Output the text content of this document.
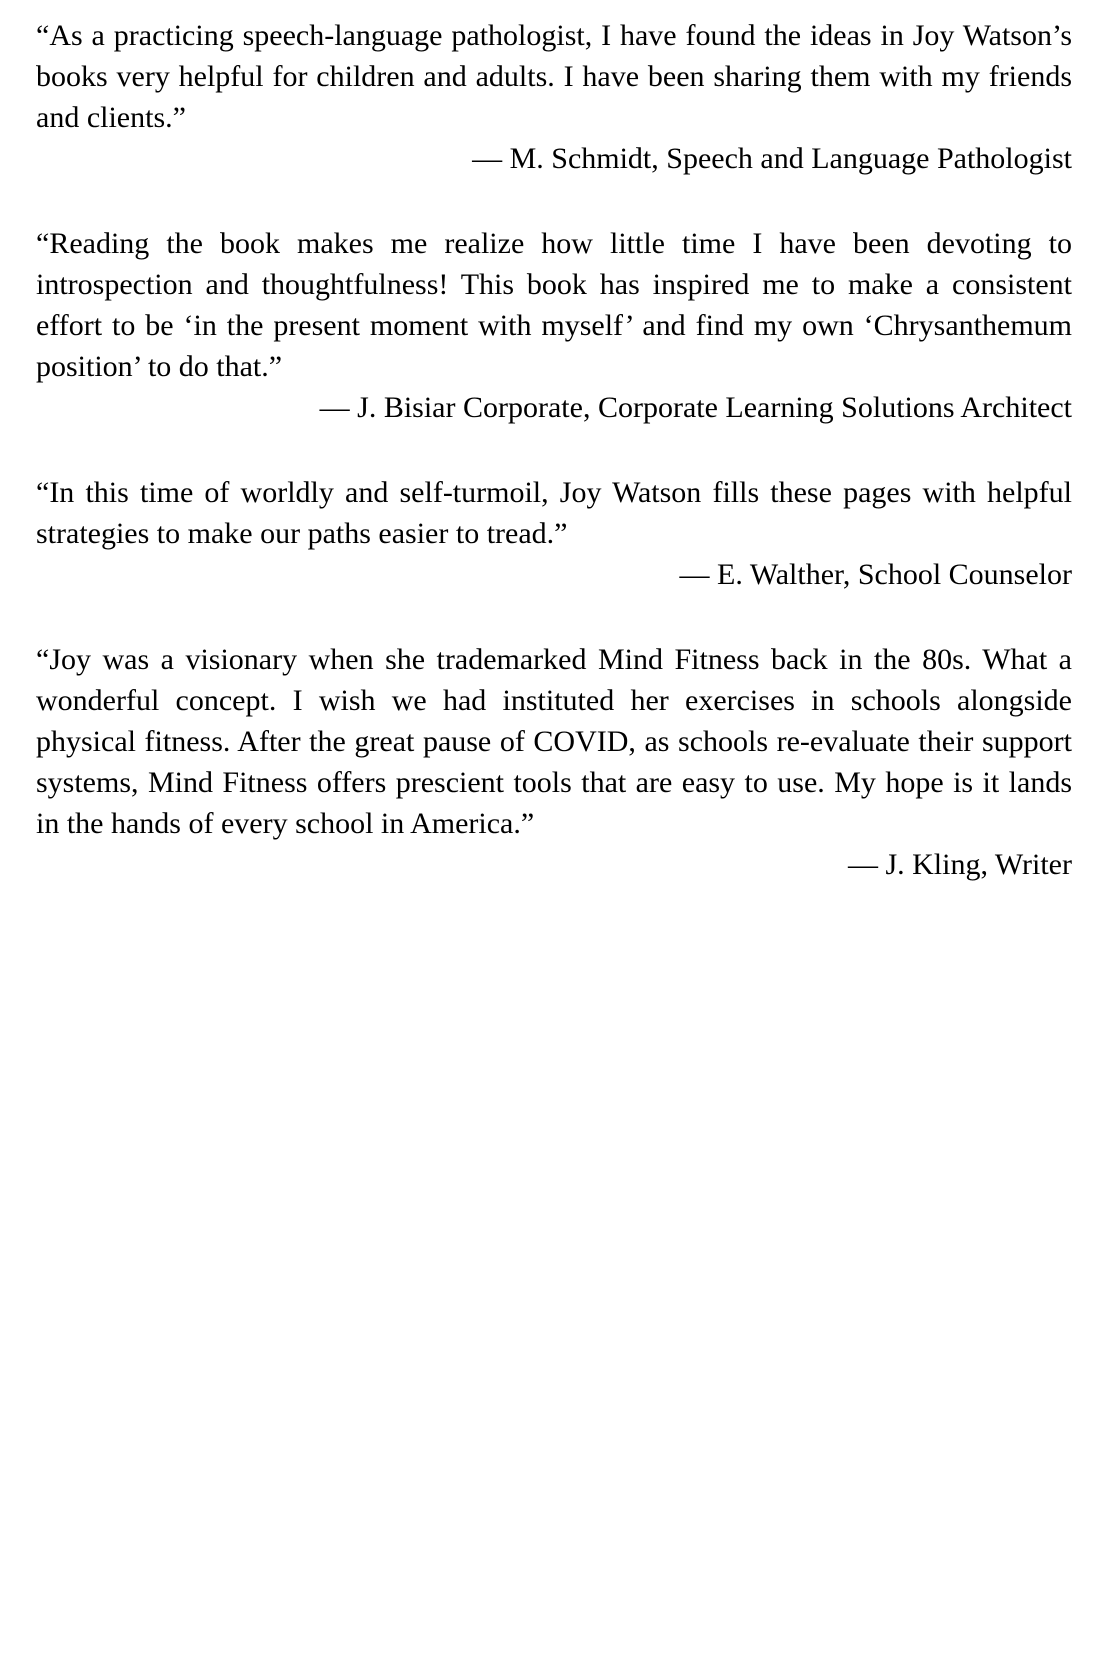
“As a practicing speech-language pathologist, I have found the ideas in Joy Watson’s books very helpful for children and adults. I have been sharing them with my friends and clients.”

— M. Schmidt, Speech and Language Pathologist

“Reading the book makes me realize how little time I have been devoting to introspection and thoughtfulness! This book has inspired me to make a consistent effort to be ‘in the present moment with myself’ and find my own ‘Chrysanthemum position’ to do that.”

— J. Bisiar Corporate, Corporate Learning Solutions Architect

“In this time of worldly and self-turmoil, Joy Watson fills these pages with helpful strategies to make our paths easier to tread.”

— E. Walther, School Counselor

“Joy was a visionary when she trademarked Mind Fitness back in the 80s. What a wonderful concept. I wish we had instituted her exercises in schools alongside physical fitness. After the great pause of COVID, as schools re-evaluate their support systems, Mind Fitness offers prescient tools that are easy to use. My hope is it lands in the hands of every school in America.”

— J. Kling, Writer
